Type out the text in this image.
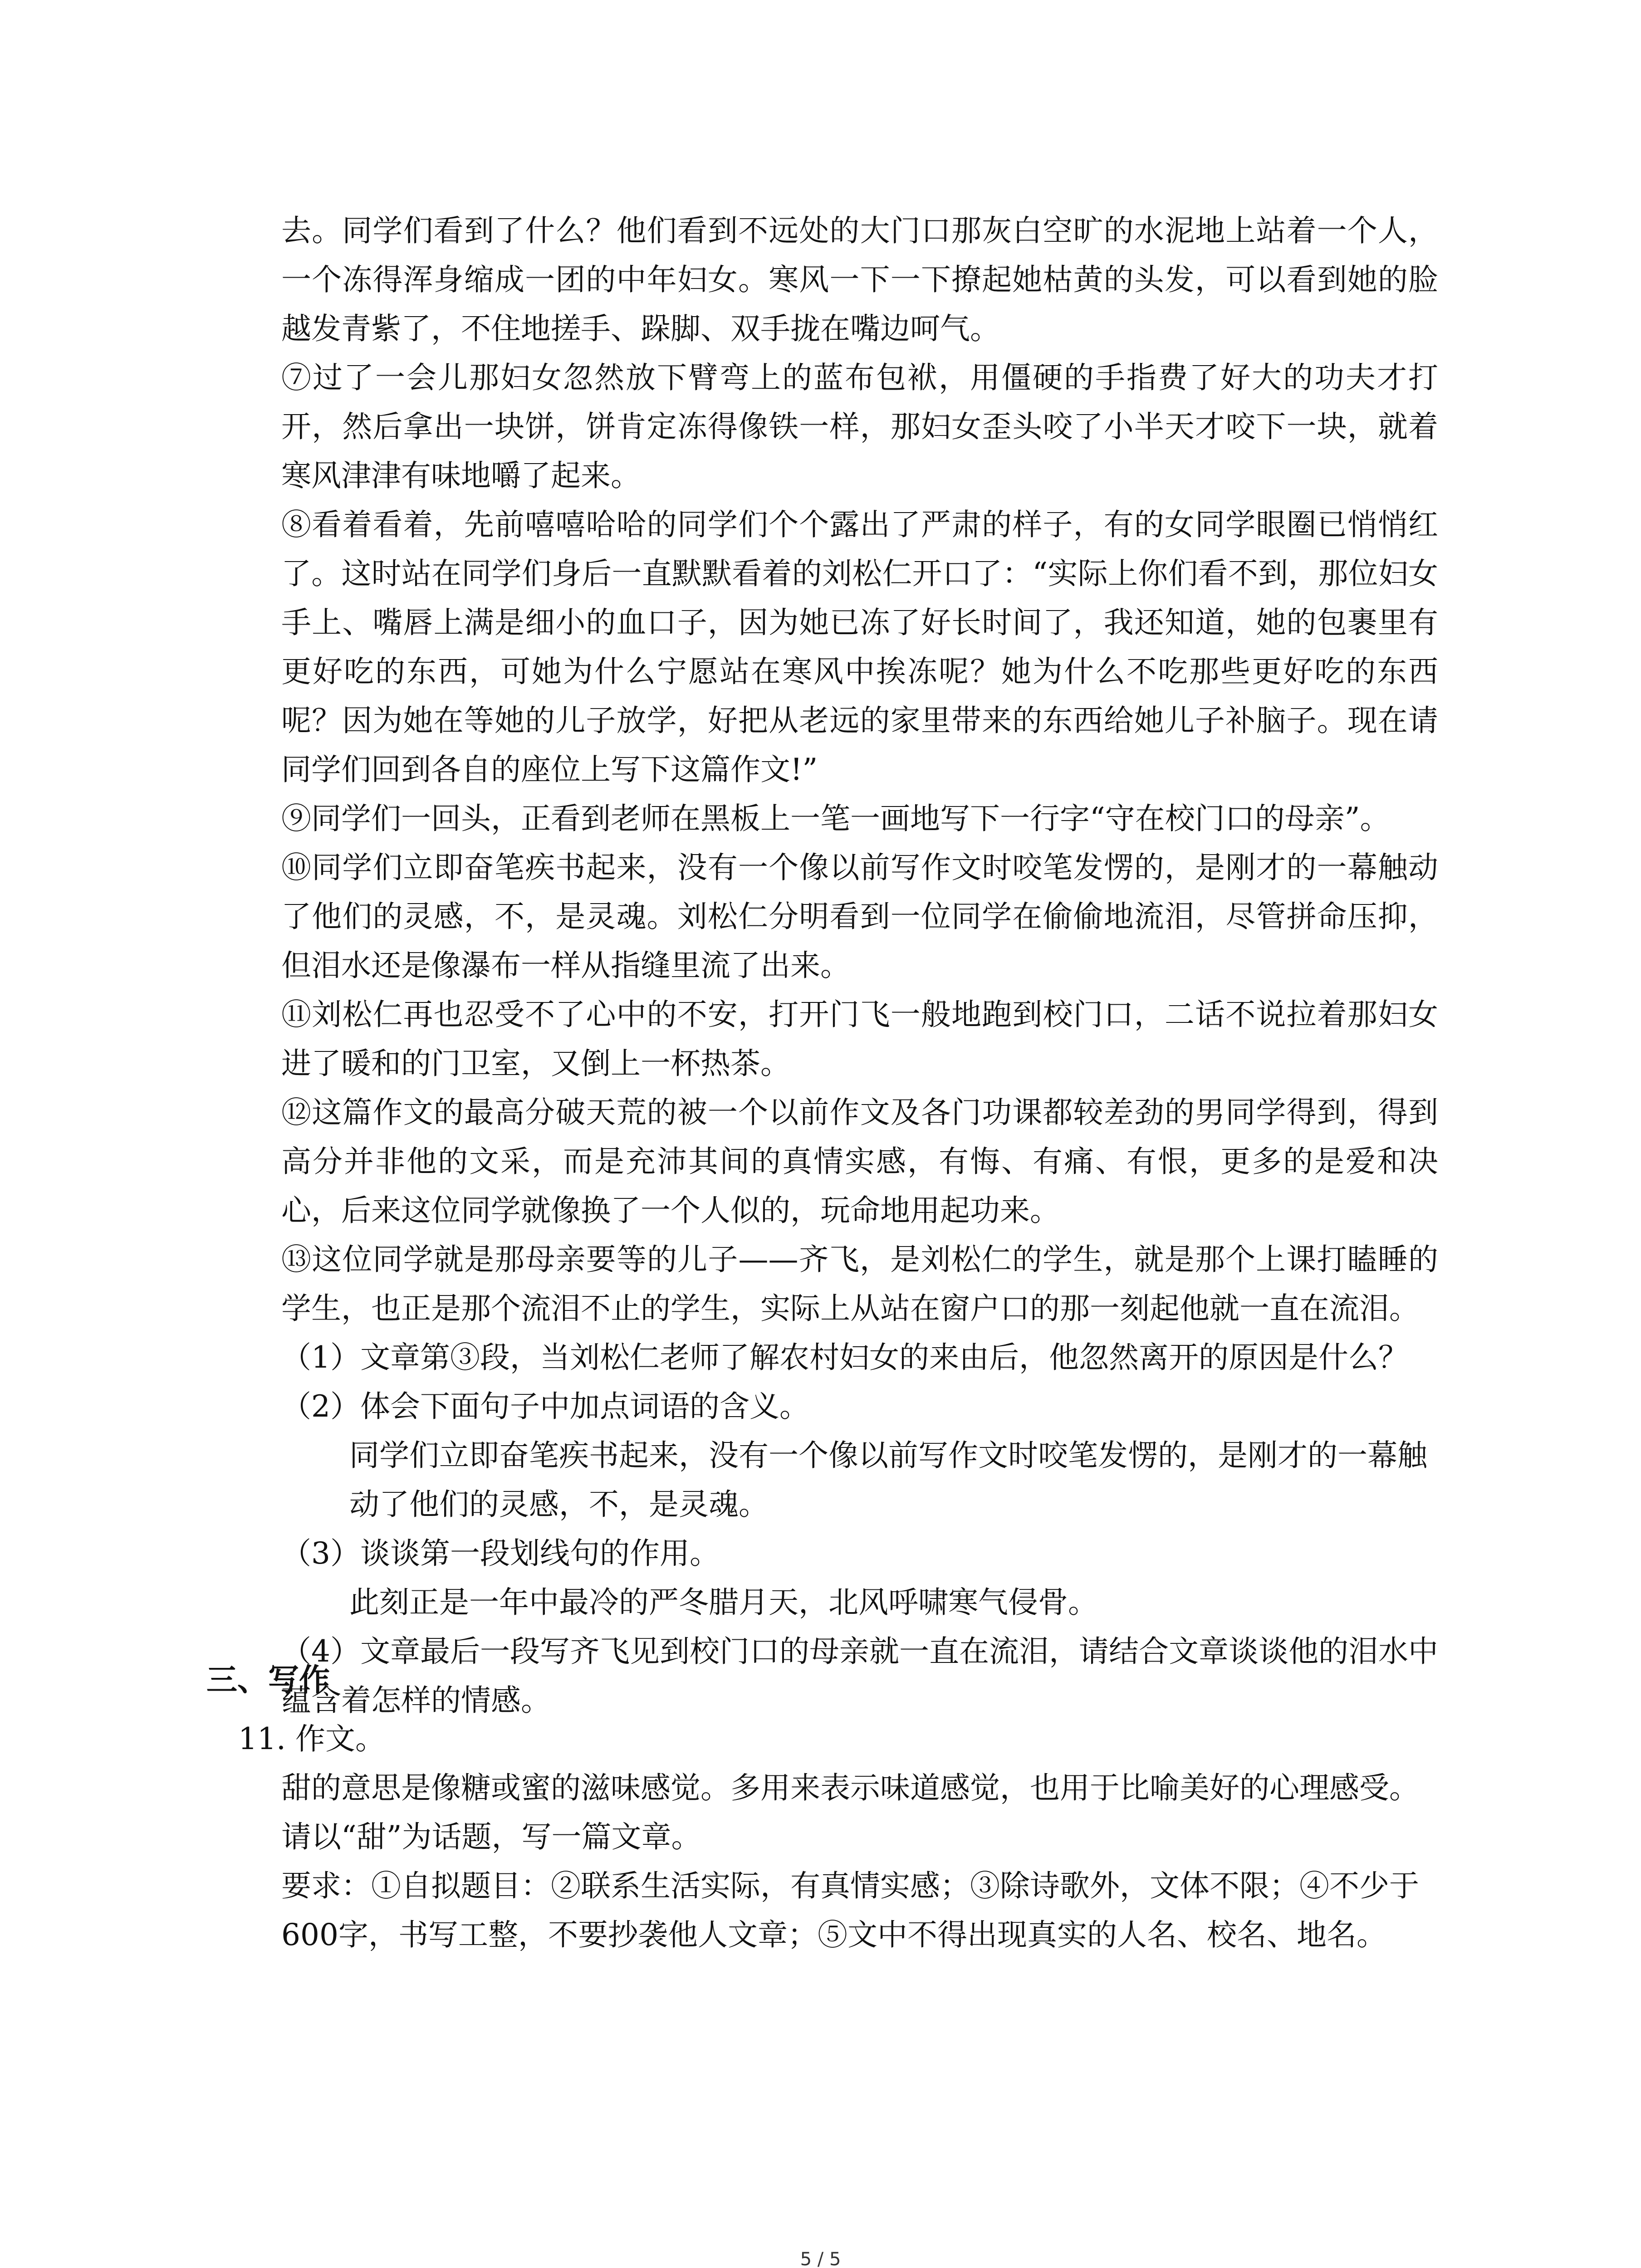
去。同学们看到了什么？他们看到不远处的大门口那灰白空旷的水泥地上站着一个人，一个冻得浑身缩成一团的中年妇女。寒风一下一下撩起她枯黄的头发，可以看到她的脸越发青紫了，不住地搓手、跺脚、双手拢在嘴边呵气。

⑦过了一会儿那妇女忽然放下臂弯上的蓝布包袱，用僵硬的手指费了好大的功夫才打开，然后拿出一块饼，饼肯定冻得像铁一样，那妇女歪头咬了小半天才咬下一块，就着寒风津津有味地嚼了起来。

⑧看着看着，先前嘻嘻哈哈的同学们个个露出了严肃的样子，有的女同学眼圈已悄悄红了。这时站在同学们身后一直默默看着的刘松仁开口了：“实际上你们看不到，那位妇女手上、嘴唇上满是细小的血口子，因为她已冻了好长时间了，我还知道，她的包裹里有更好吃的东西，可她为什么宁愿站在寒风中挨冻呢？她为什么不吃那些更好吃的东西呢？因为她在等她的儿子放学，好把从老远的家里带来的东西给她儿子补脑子。现在请同学们回到各自的座位上写下这篇作文!”

⑨同学们一回头，正看到老师在黑板上一笔一画地写下一行字“守在校门口的母亲”。

⑩同学们立即奋笔疾书起来，没有一个像以前写作文时咬笔发愣的，是刚才的一幕触动了他们的灵感，不，是灵魂。刘松仁分明看到一位同学在偷偷地流泪，尽管拼命压抑，但泪水还是像瀑布一样从指缝里流了出来。

⑪刘松仁再也忍受不了心中的不安，打开门飞一般地跑到校门口，二话不说拉着那妇女进了暖和的门卫室，又倒上一杯热茶。

⑫这篇作文的最高分破天荒的被一个以前作文及各门功课都较差劲的男同学得到，得到高分并非他的文采，而是充沛其间的真情实感，有悔、有痛、有恨，更多的是爱和决心，后来这位同学就像换了一个人似的，玩命地用起功来。

⑬这位同学就是那母亲要等的儿子——齐飞，是刘松仁的学生，就是那个上课打瞌睡的学生，也正是那个流泪不止的学生，实际上从站在窗户口的那一刻起他就一直在流泪。

（1）文章第③段，当刘松仁老师了解农村妇女的来由后，他忽然离开的原因是什么？

（2）体会下面句子中加点词语的含义。

同学们立即奋笔疾书起来，没有一个像以前写作文时咬笔发愣的，是刚才的一幕触动了他们的灵感，不，是灵魂。

（3）谈谈第一段划线句的作用。

此刻正是一年中最冷的严冬腊月天，北风呼啸寒气侵骨。

（4）文章最后一段写齐飞见到校门口的母亲就一直在流泪，请结合文章谈谈他的泪水中蕴含着怎样的情感。

三、写作

11. 作文。

甜的意思是像糖或蜜的滋味感觉。多用来表示味道感觉，也用于比喻美好的心理感受。

请以“甜”为话题，写一篇文章。

要求：①自拟题目：②联系生活实际，有真情实感；③除诗歌外，文体不限；④不少于600字，书写工整，不要抄袭他人文章；⑤文中不得出现真实的人名、校名、地名。

5 / 5
